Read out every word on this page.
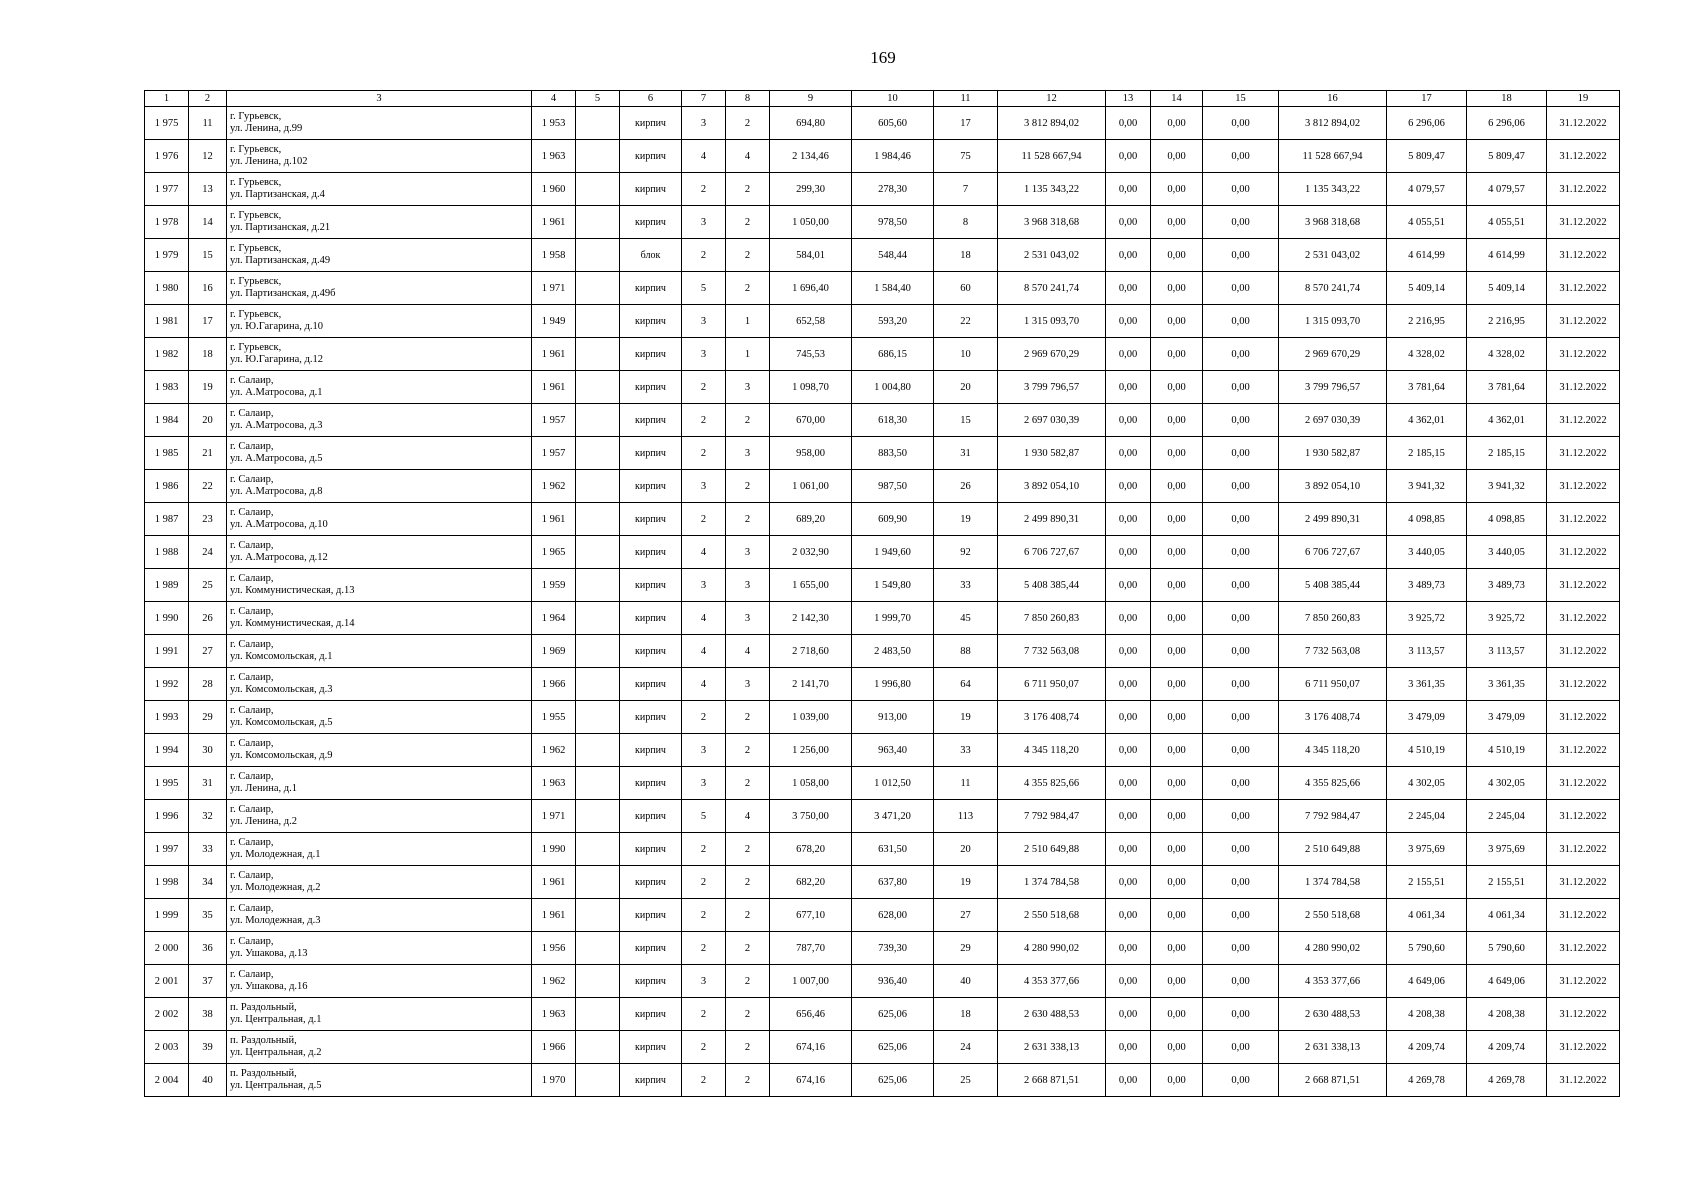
169
1	2	3	4	5	6	7	8	9	10	11	12	13	14	15	16	17	18	19
1 975	11	г. Гурьевск,
ул. Ленина, д.99	1 953		кирпич	3	2	694,80	605,60	17	3 812 894,02	0,00	0,00	0,00	3 812 894,02	6 296,06	6 296,06	31.12.2022
1 976	12	г. Гурьевск,
ул. Ленина, д.102	1 963		кирпич	4	4	2 134,46	1 984,46	75	11 528 667,94	0,00	0,00	0,00	11 528 667,94	5 809,47	5 809,47	31.12.2022
1 977	13	г. Гурьевск,
ул. Партизанская, д.4	1 960		кирпич	2	2	299,30	278,30	7	1 135 343,22	0,00	0,00	0,00	1 135 343,22	4 079,57	4 079,57	31.12.2022
1 978	14	г. Гурьевск,
ул. Партизанская, д.21	1 961		кирпич	3	2	1 050,00	978,50	8	3 968 318,68	0,00	0,00	0,00	3 968 318,68	4 055,51	4 055,51	31.12.2022
1 979	15	г. Гурьевск,
ул. Партизанская, д.49	1 958		блок	2	2	584,01	548,44	18	2 531 043,02	0,00	0,00	0,00	2 531 043,02	4 614,99	4 614,99	31.12.2022
1 980	16	г. Гурьевск,
ул. Партизанская, д.49б	1 971		кирпич	5	2	1 696,40	1 584,40	60	8 570 241,74	0,00	0,00	0,00	8 570 241,74	5 409,14	5 409,14	31.12.2022
1 981	17	г. Гурьевск,
ул. Ю.Гагарина, д.10	1 949		кирпич	3	1	652,58	593,20	22	1 315 093,70	0,00	0,00	0,00	1 315 093,70	2 216,95	2 216,95	31.12.2022
1 982	18	г. Гурьевск,
ул. Ю.Гагарина, д.12	1 961		кирпич	3	1	745,53	686,15	10	2 969 670,29	0,00	0,00	0,00	2 969 670,29	4 328,02	4 328,02	31.12.2022
1 983	19	г. Салаир,
ул. А.Матросова, д.1	1 961		кирпич	2	3	1 098,70	1 004,80	20	3 799 796,57	0,00	0,00	0,00	3 799 796,57	3 781,64	3 781,64	31.12.2022
1 984	20	г. Салаир,
ул. А.Матросова, д.3	1 957		кирпич	2	2	670,00	618,30	15	2 697 030,39	0,00	0,00	0,00	2 697 030,39	4 362,01	4 362,01	31.12.2022
1 985	21	г. Салаир,
ул. А.Матросова, д.5	1 957		кирпич	2	3	958,00	883,50	31	1 930 582,87	0,00	0,00	0,00	1 930 582,87	2 185,15	2 185,15	31.12.2022
1 986	22	г. Салаир,
ул. А.Матросова, д.8	1 962		кирпич	3	2	1 061,00	987,50	26	3 892 054,10	0,00	0,00	0,00	3 892 054,10	3 941,32	3 941,32	31.12.2022
1 987	23	г. Салаир,
ул. А.Матросова, д.10	1 961		кирпич	2	2	689,20	609,90	19	2 499 890,31	0,00	0,00	0,00	2 499 890,31	4 098,85	4 098,85	31.12.2022
1 988	24	г. Салаир,
ул. А.Матросова, д.12	1 965		кирпич	4	3	2 032,90	1 949,60	92	6 706 727,67	0,00	0,00	0,00	6 706 727,67	3 440,05	3 440,05	31.12.2022
1 989	25	г. Салаир,
ул. Коммунистическая, д.13	1 959		кирпич	3	3	1 655,00	1 549,80	33	5 408 385,44	0,00	0,00	0,00	5 408 385,44	3 489,73	3 489,73	31.12.2022
1 990	26	г. Салаир,
ул. Коммунистическая, д.14	1 964		кирпич	4	3	2 142,30	1 999,70	45	7 850 260,83	0,00	0,00	0,00	7 850 260,83	3 925,72	3 925,72	31.12.2022
1 991	27	г. Салаир,
ул. Комсомольская, д.1	1 969		кирпич	4	4	2 718,60	2 483,50	88	7 732 563,08	0,00	0,00	0,00	7 732 563,08	3 113,57	3 113,57	31.12.2022
1 992	28	г. Салаир,
ул. Комсомольская, д.3	1 966		кирпич	4	3	2 141,70	1 996,80	64	6 711 950,07	0,00	0,00	0,00	6 711 950,07	3 361,35	3 361,35	31.12.2022
1 993	29	г. Салаир,
ул. Комсомольская, д.5	1 955		кирпич	2	2	1 039,00	913,00	19	3 176 408,74	0,00	0,00	0,00	3 176 408,74	3 479,09	3 479,09	31.12.2022
1 994	30	г. Салаир,
ул. Комсомольская, д.9	1 962		кирпич	3	2	1 256,00	963,40	33	4 345 118,20	0,00	0,00	0,00	4 345 118,20	4 510,19	4 510,19	31.12.2022
1 995	31	г. Салаир,
ул. Ленина, д.1	1 963		кирпич	3	2	1 058,00	1 012,50	11	4 355 825,66	0,00	0,00	0,00	4 355 825,66	4 302,05	4 302,05	31.12.2022
1 996	32	г. Салаир,
ул. Ленина, д.2	1 971		кирпич	5	4	3 750,00	3 471,20	113	7 792 984,47	0,00	0,00	0,00	7 792 984,47	2 245,04	2 245,04	31.12.2022
1 997	33	г. Салаир,
ул. Молодежная, д.1	1 990		кирпич	2	2	678,20	631,50	20	2 510 649,88	0,00	0,00	0,00	2 510 649,88	3 975,69	3 975,69	31.12.2022
1 998	34	г. Салаир,
ул. Молодежная, д.2	1 961		кирпич	2	2	682,20	637,80	19	1 374 784,58	0,00	0,00	0,00	1 374 784,58	2 155,51	2 155,51	31.12.2022
1 999	35	г. Салаир,
ул. Молодежная, д.3	1 961		кирпич	2	2	677,10	628,00	27	2 550 518,68	0,00	0,00	0,00	2 550 518,68	4 061,34	4 061,34	31.12.2022
2 000	36	г. Салаир,
ул. Ушакова, д.13	1 956		кирпич	2	2	787,70	739,30	29	4 280 990,02	0,00	0,00	0,00	4 280 990,02	5 790,60	5 790,60	31.12.2022
2 001	37	г. Салаир,
ул. Ушакова, д.16	1 962		кирпич	3	2	1 007,00	936,40	40	4 353 377,66	0,00	0,00	0,00	4 353 377,66	4 649,06	4 649,06	31.12.2022
2 002	38	п. Раздольный,
ул. Центральная, д.1	1 963		кирпич	2	2	656,46	625,06	18	2 630 488,53	0,00	0,00	0,00	2 630 488,53	4 208,38	4 208,38	31.12.2022
2 003	39	п. Раздольный,
ул. Центральная, д.2	1 966		кирпич	2	2	674,16	625,06	24	2 631 338,13	0,00	0,00	0,00	2 631 338,13	4 209,74	4 209,74	31.12.2022
2 004	40	п. Раздольный,
ул. Центральная, д.5	1 970		кирпич	2	2	674,16	625,06	25	2 668 871,51	0,00	0,00	0,00	2 668 871,51	4 269,78	4 269,78	31.12.2022
